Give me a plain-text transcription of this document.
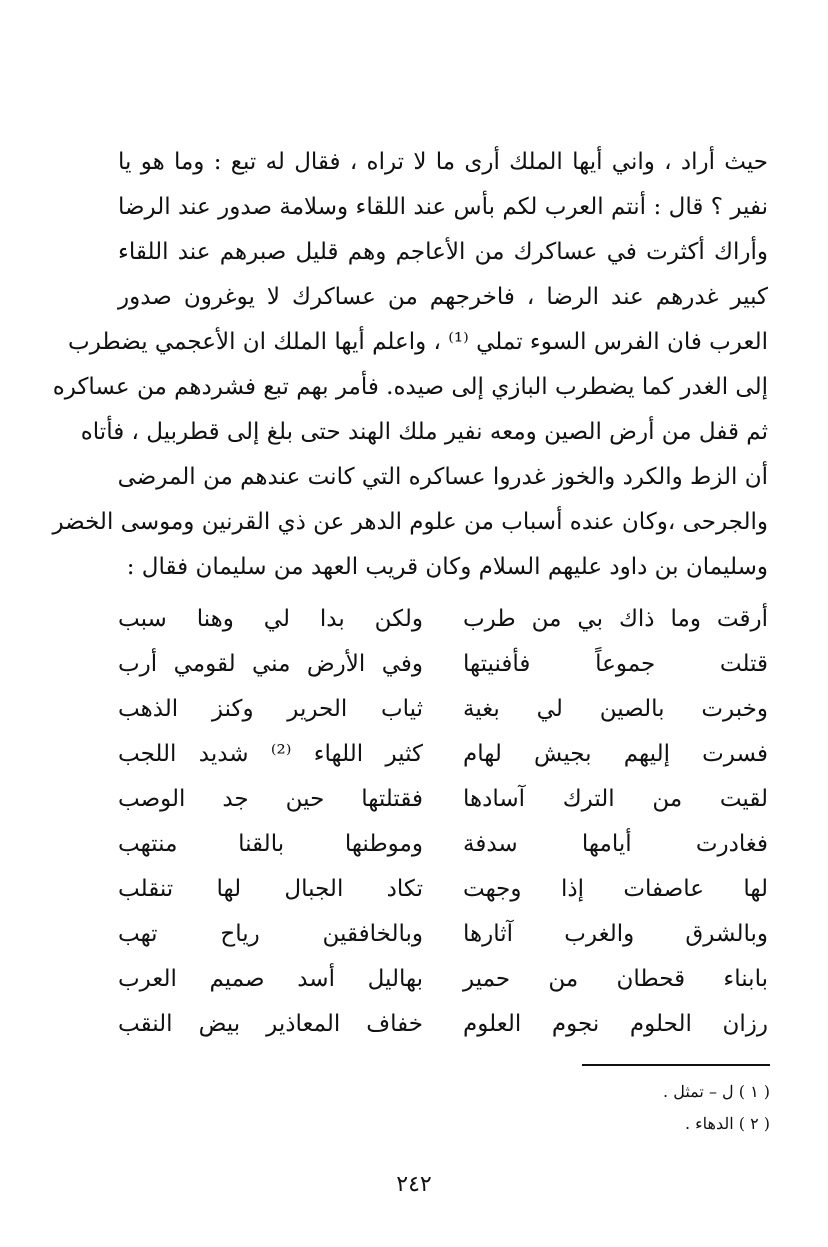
حيث أراد ، واني أيها الملك أرى ما لا تراه ، فقال له تبع : وما هو يا
نفير ؟ قال : أنتم العرب لكم بأس عند اللقاء وسلامة صدور عند الرضا
وأراك أكثرت في عساكرك من الأعاجم وهم قليل صبرهم عند اللقاء
كبير غدرهم عند الرضا ، فاخرجهم من عساكرك لا يوغرون صدور
العرب فان الفرس السوء تملي ⁽¹⁾ ، واعلم أيها الملك ان الأعجمي يضطرب
إلى الغدر كما يضطرب البازي إلى صيده. فأمر بهم تبع فشردهم من عساكره
ثم قفل من أرض الصين ومعه نفير ملك الهند حتى بلغ إلى قطربيل ، فأتاه
أن الزط والكرد والخوز غدروا عساكره التي كانت عندهم من المرضى
والجرحى ،وكان عنده أسباب من علوم الدهر عن ذي القرنين وموسى الخضر
وسليمان بن داود عليهم السلام وكان قريب العهد من سليمان فقال :
أرقت وما ذاك بي من طرب
ولكن بدا لي وهنا سبب
قتلت جموعاً فأفنيتها
وفي الأرض مني لقومي أرب
وخبرت بالصين لي بغية
ثياب الحرير وكنز الذهب
فسرت إليهم بجيش لهام
كثير اللهاء ⁽²⁾ شديد اللجب
لقيت من الترك آسادها
فقتلتها حين جد الوصب
فغادرت أيامها سدفة
وموطنها بالقنا منتهب
لها عاصفات إذا وجهت
تكاد الجبال لها تنقلب
وبالشرق والغرب آثارها
وبالخافقين رياح تهب
بابناء قحطان من حمير
بهاليل أسد صميم العرب
رزان الحلوم نجوم العلوم
خفاف المعاذير بيض النقب
( ١ ) ل – تمثل .
( ٢ ) الدهاء .
٢٤٢
